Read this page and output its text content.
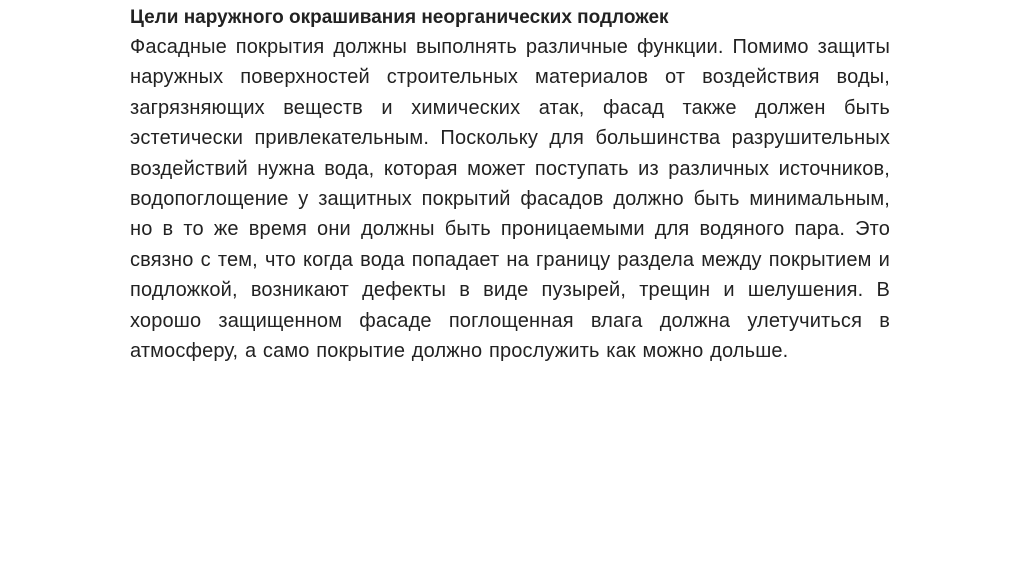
Цели наружного окрашивания неорганических подложек

Фасадные покрытия должны выполнять различные функции. Помимо защиты наружных поверхностей строительных материалов от воздействия воды, загрязняющих веществ и химических атак, фасад также должен быть эстетически привлекательным. Поскольку для большинства разрушительных воздействий нужна вода, которая может поступать из различных источников, водопоглощение у защитных покрытий фасадов должно быть минимальным, но в то же время они должны быть проницаемыми для водяного пара. Это связно с тем, что когда вода попадает на границу раздела между покрытием и подложкой, возникают дефекты в виде пузырей, трещин и шелушения. В хорошо защищенном фасаде поглощенная влага должна улетучиться в атмосферу, а само покрытие должно прослужить как можно дольше.
